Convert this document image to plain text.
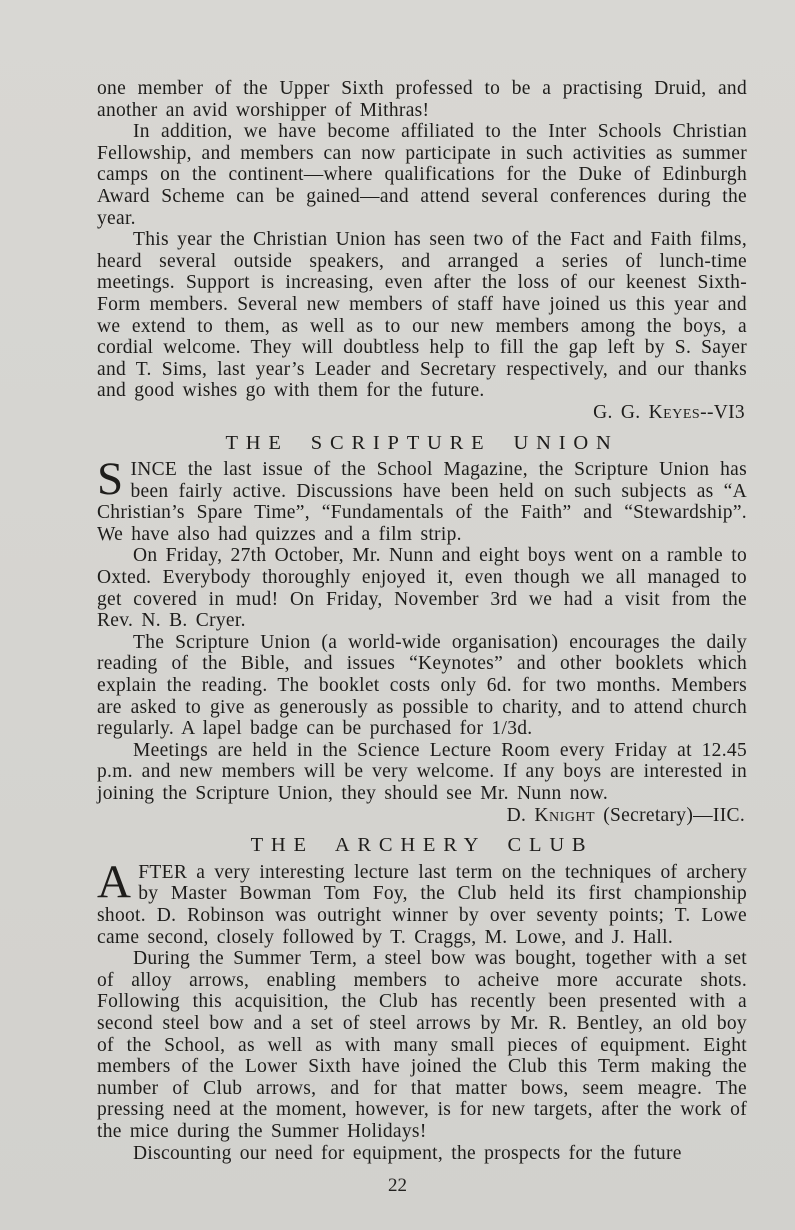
one member of the Upper Sixth professed to be a practising Druid, and another an avid worshipper of Mithras!

In addition, we have become affiliated to the Inter Schools Christian Fellowship, and members can now participate in such activities as summer camps on the continent—where qualifications for the Duke of Edinburgh Award Scheme can be gained—and attend several conferences during the year.

This year the Christian Union has seen two of the Fact and Faith films, heard several outside speakers, and arranged a series of lunch-time meetings. Support is increasing, even after the loss of our keenest Sixth-Form members. Several new members of staff have joined us this year and we extend to them, as well as to our new members among the boys, a cordial welcome. They will doubtless help to fill the gap left by S. Sayer and T. Sims, last year’s Leader and Secretary respectively, and our thanks and good wishes go with them for the future.

G. G. Keyes--VI3

THE SCRIPTURE UNION

SINCE the last issue of the School Magazine, the Scripture Union has been fairly active. Discussions have been held on such subjects as “A Christian’s Spare Time”, “Fundamentals of the Faith” and “Stewardship”. We have also had quizzes and a film strip.

On Friday, 27th October, Mr. Nunn and eight boys went on a ramble to Oxted. Everybody thoroughly enjoyed it, even though we all managed to get covered in mud! On Friday, November 3rd we had a visit from the Rev. N. B. Cryer.

The Scripture Union (a world-wide organisation) encourages the daily reading of the Bible, and issues “Keynotes” and other booklets which explain the reading. The booklet costs only 6d. for two months. Members are asked to give as generously as possible to charity, and to attend church regularly. A lapel badge can be purchased for 1/3d.

Meetings are held in the Science Lecture Room every Friday at 12.45 p.m. and new members will be very welcome. If any boys are interested in joining the Scripture Union, they should see Mr. Nunn now.

D. Knight (Secretary)—IIC.

THE ARCHERY CLUB

AFTER a very interesting lecture last term on the techniques of archery by Master Bowman Tom Foy, the Club held its first championship shoot. D. Robinson was outright winner by over seventy points; T. Lowe came second, closely followed by T. Craggs, M. Lowe, and J. Hall.

During the Summer Term, a steel bow was bought, together with a set of alloy arrows, enabling members to acheive more accurate shots. Following this acquisition, the Club has recently been presented with a second steel bow and a set of steel arrows by Mr. R. Bentley, an old boy of the School, as well as with many small pieces of equipment. Eight members of the Lower Sixth have joined the Club this Term making the number of Club arrows, and for that matter bows, seem meagre. The pressing need at the moment, however, is for new targets, after the work of the mice during the Summer Holidays!

Discounting our need for equipment, the prospects for the future

22
